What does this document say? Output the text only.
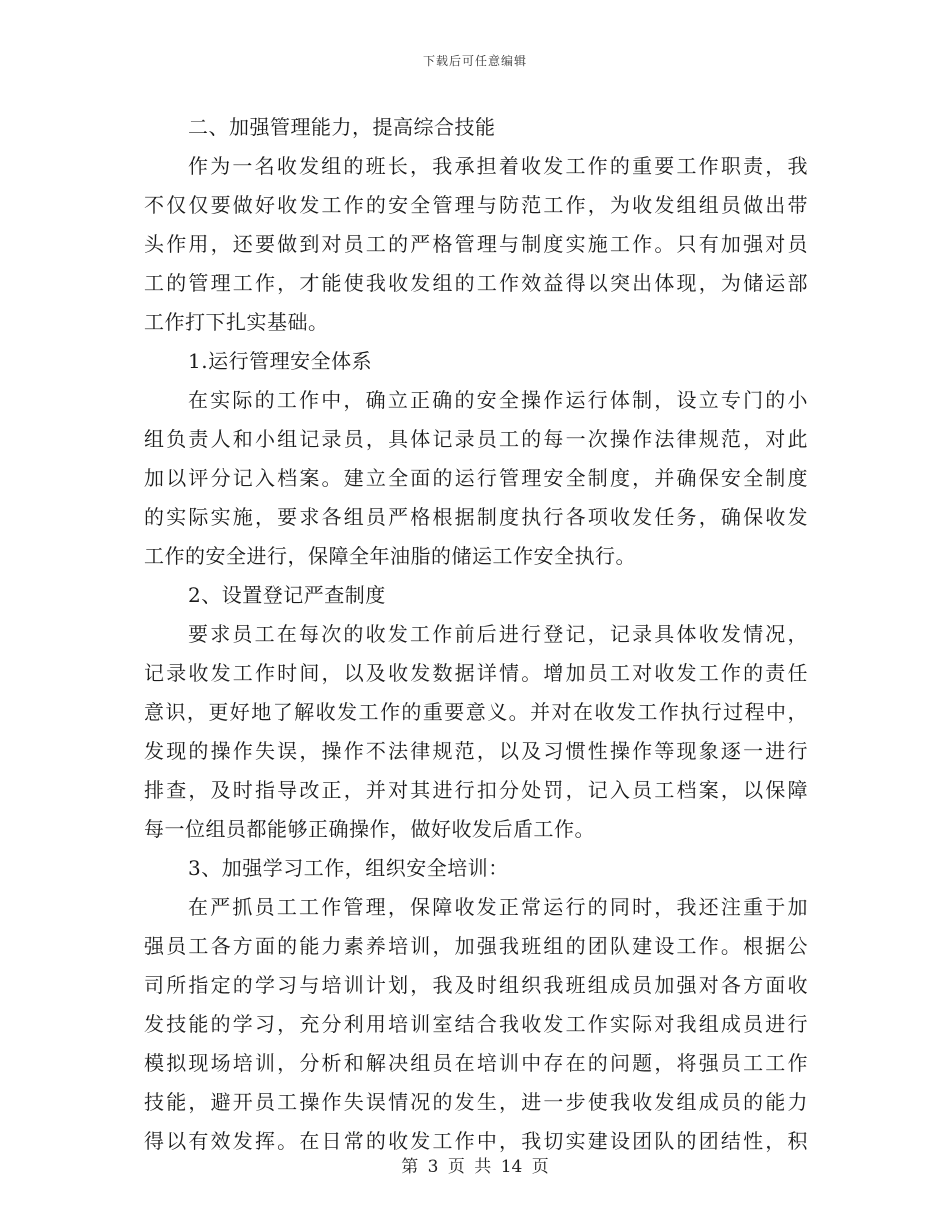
下载后可任意编辑
二、加强管理能力，提高综合技能
作为一名收发组的班长，我承担着收发工作的重要工作职责，我
不仅仅要做好收发工作的安全管理与防范工作，为收发组组员做出带
头作用，还要做到对员工的严格管理与制度实施工作。只有加强对员
工的管理工作，才能使我收发组的工作效益得以突出体现，为储运部
工作打下扎实基础。
1.运行管理安全体系
在实际的工作中，确立正确的安全操作运行体制，设立专门的小
组负责人和小组记录员，具体记录员工的每一次操作法律规范，对此
加以评分记入档案。建立全面的运行管理安全制度，并确保安全制度
的实际实施，要求各组员严格根据制度执行各项收发任务，确保收发
工作的安全进行，保障全年油脂的储运工作安全执行。
2、设置登记严查制度
要求员工在每次的收发工作前后进行登记，记录具体收发情况，
记录收发工作时间，以及收发数据详情。增加员工对收发工作的责任
意识，更好地了解收发工作的重要意义。并对在收发工作执行过程中，
发现的操作失误，操作不法律规范，以及习惯性操作等现象逐一进行
排查，及时指导改正，并对其进行扣分处罚，记入员工档案，以保障
每一位组员都能够正确操作，做好收发后盾工作。
3、加强学习工作，组织安全培训：
在严抓员工工作管理，保障收发正常运行的同时，我还注重于加
强员工各方面的能力素养培训，加强我班组的团队建设工作。根据公
司所指定的学习与培训计划，我及时组织我班组成员加强对各方面收
发技能的学习，充分利用培训室结合我收发工作实际对我组成员进行
模拟现场培训，分析和解决组员在培训中存在的问题，将强员工工作
技能，避开员工操作失误情况的发生，进一步使我收发组成员的能力
得以有效发挥。在日常的收发工作中，我切实建设团队的团结性，积
第 3 页 共 14 页
